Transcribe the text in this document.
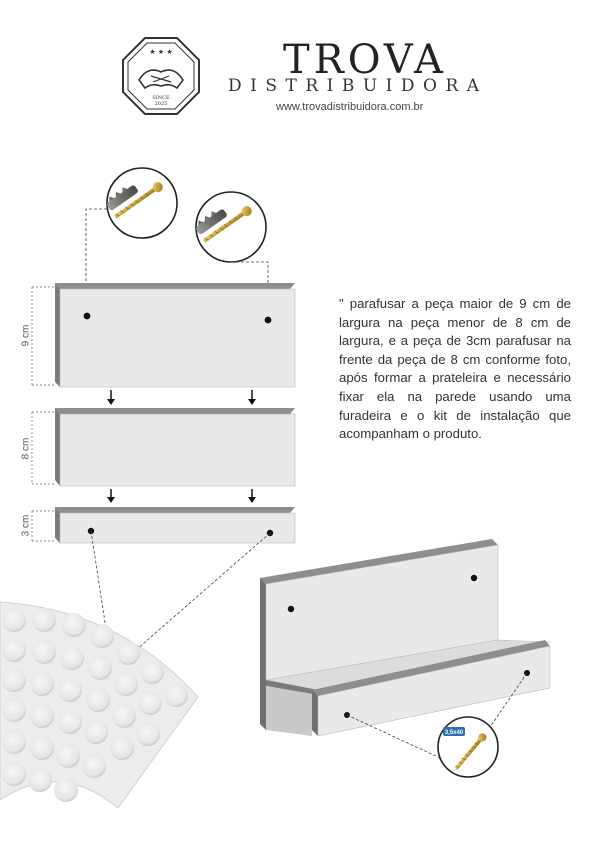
★ ★ ★
SINCE
2025
TROVA
DISTRIBUIDORA
www.trovadistribuidora.com.br
3,5x40
9 cm
8 cm
3 cm
" parafusar a peça maior de 9 cm de largura na peça menor de 8 cm de largura, e a peça de 3cm parafusar na frente da peça de 8 cm conforme foto, após formar a prateleira e necessário fixar ela na parede usando uma furadeira e o kit de instalação que acompanham o produto.
